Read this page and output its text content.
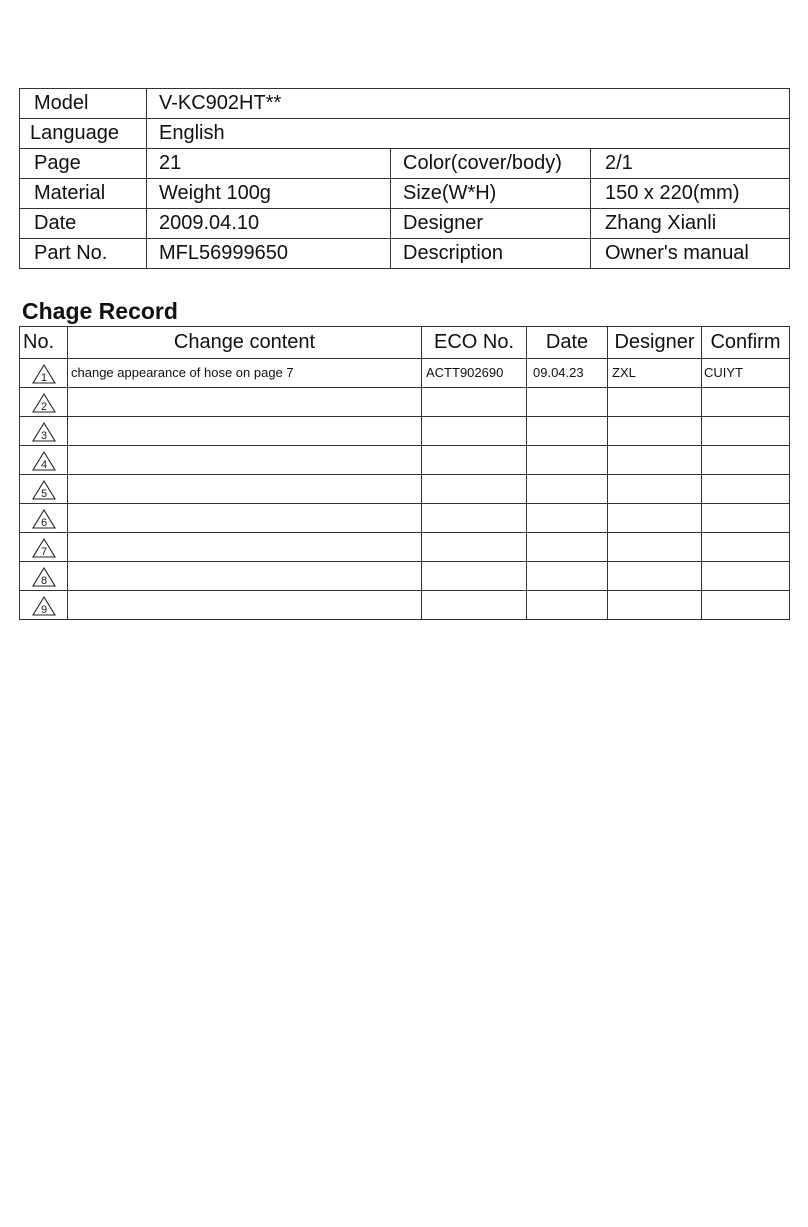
Model	V-KC902HT**		
Language	English		
Page	21	Color(cover/body)	2/1
Material	Weight 100g	Size(W*H)	150 x 220(mm)
Date	2009.04.10	Designer	Zhang Xianli
Part No.	MFL56999650	Description	Owner's manual
Chage Record
No.	Change content	ECO No.	Date	Designer	Confirm

1	change appearance of hose on page 7	ACTT902690	09.04.23	ZXL	CUIYT

2					

3					

4					

5					

6					

7					

8					

9					
